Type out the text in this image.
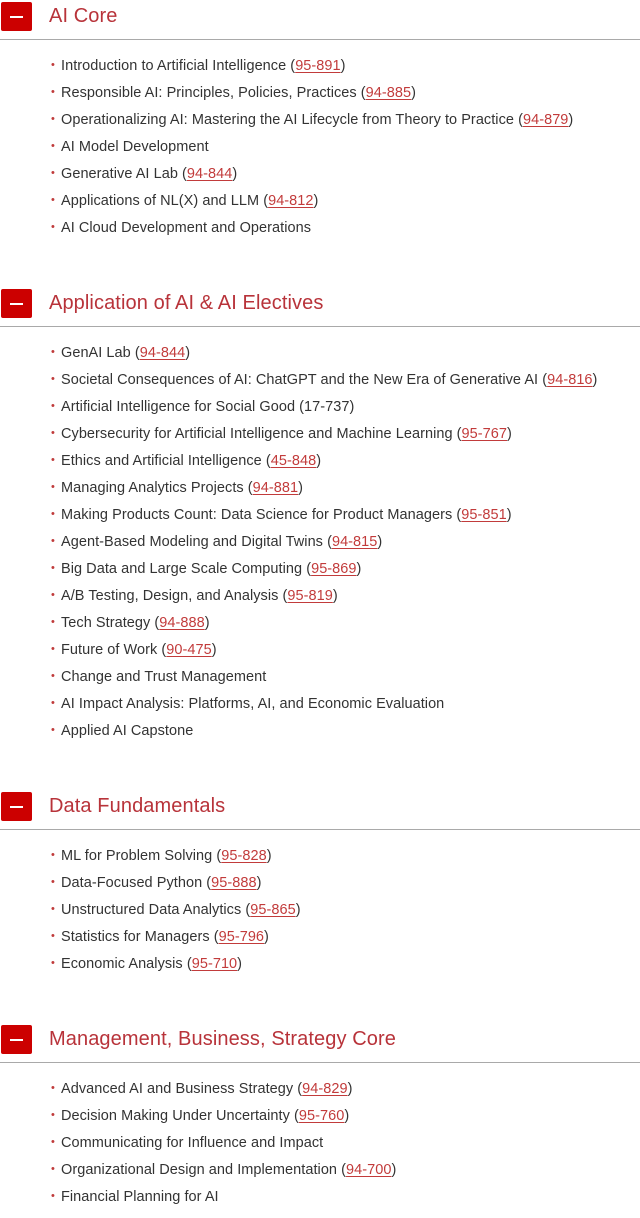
AI Core
• Introduction to Artificial Intelligence (95-891)
• Responsible AI: Principles, Policies, Practices (94-885)
• Operationalizing AI: Mastering the AI Lifecycle from Theory to Practice (94-879)
• AI Model Development
• Generative AI Lab (94-844)
• Applications of NL(X) and LLM (94-812)
• AI Cloud Development and Operations
Application of AI & AI Electives
• GenAI Lab (94-844)
• Societal Consequences of AI: ChatGPT and the New Era of Generative AI (94-816)
• Artificial Intelligence for Social Good (17-737)
• Cybersecurity for Artificial Intelligence and Machine Learning (95-767)
• Ethics and Artificial Intelligence (45-848)
• Managing Analytics Projects (94-881)
• Making Products Count: Data Science for Product Managers (95-851)
• Agent-Based Modeling and Digital Twins (94-815)
• Big Data and Large Scale Computing (95-869)
• A/B Testing, Design, and Analysis (95-819)
• Tech Strategy (94-888)
• Future of Work (90-475)
• Change and Trust Management
• AI Impact Analysis: Platforms, AI, and Economic Evaluation
• Applied AI Capstone
Data Fundamentals
• ML for Problem Solving (95-828)
• Data-Focused Python (95-888)
• Unstructured Data Analytics (95-865)
• Statistics for Managers (95-796)
• Economic Analysis (95-710)
Management, Business, Strategy Core
• Advanced AI and Business Strategy (94-829)
• Decision Making Under Uncertainty (95-760)
• Communicating for Influence and Impact
• Organizational Design and Implementation (94-700)
• Financial Planning for AI
